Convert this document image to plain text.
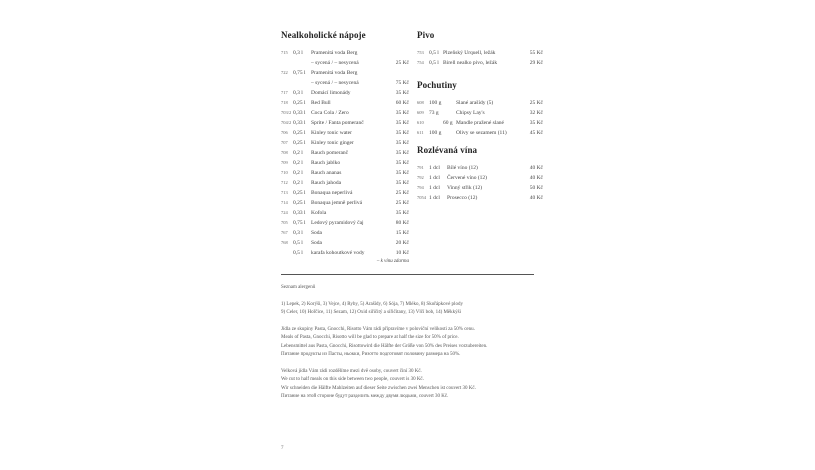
Nealkoholické nápoje
715 0,3 l	Pramenitá voda Berg
– sycená / – nesycená	25 Kč
722 0,75 l Pramenitá voda Berg
– sycená / – nesycená	75 Kč
717 0,3 l	Domácí limonády	35 Kč
718 0,25 l Red Bull	60 Kč
703/2 0,33 l Coca Cola / Zero	35 Kč
704/2 0,33 l Sprite / Fanta pomeranč	35 Kč
706 0,25 l Kinley tonic water	35 Kč
707 0,25 l Kinley tonic ginger	35 Kč
708 0,2 l	Rauch pomeranč	35 Kč
709 0,2 l	Rauch jablko	35 Kč
710 0,2 l	Rauch ananas	35 Kč
712 0,2 l	Rauch jahoda	35 Kč
713 0,25 l Bonaqua neperlivá	25 Kč
714 0,25 l Bonaqua jemně perlivá	25 Kč
724 0,33 l Kofola	35 Kč
705 0,75 l Ledový pyramidový čaj	80 Kč
767 0,3 l	Soda	15 Kč
768 0,5 l	Soda	20 Kč
0,5 l	karafa kohoutkové vody	10 Kč
– k vínu zdarma
Pivo
753 0,5 l Plzeňský Urquell, ležák	55 Kč
754 0,5 l Birell nealko pivo, ležák	29 Kč
Pochutiny
608 100 g	Slané arašídy (5)	25 Kč
609 73 g	Chipsy Lay's	32 Kč
610	60 g Mandle pražené slané	35 Kč
611 100 g	Olivy se sezamem (11)	45 Kč
Rozlévaná vína
791 1 dcl	Bílé víno (12)	40 Kč
792 1 dcl	Červené víno (12)	40 Kč
794 1 dcl	Vinný střik (12)	50 Kč
7054 1 dcl	Prosecco (12)	40 Kč

Seznam alergenů

1) Lepek, 2) Korýši, 3) Vejce, 4) Ryby, 5) Arašídy, 6) Sója, 7) Mléko, 8) Skořápkové plody

9) Celer, 10) Hořčice, 11) Sezam, 12) Oxid siřičitý a siřičitany, 13) Vlčí bob, 14) Měkkýši

Jídla ze skupiny Pasta, Gnocchi, Risotto Vám rádi připravíme v poloviční velikosti za 50% cenu.

Meals of Pasta, Gnocchi, Risotto will be glad to prepare at half the size for 50% of price.

Lebensmittel aus Pasta, Gnocchi, Risottowird die Hälfte der Größe von 50% des Preises vorzubereiten.

Питание продукты из Пасты, ньокки, Ризотто подготовят половину размера на 50%.

Velková jídla Vám rádi rozdělíme mezi dvě osoby, couvert činí 30 Kč.

We cut to half meals on this side between two people, couvert is 30 Kč.

Wir schneiden die Hälfte Mahlzeiten auf dieser Seite zwischen zwei Menschen ist couvert 30 Kč.

Питание на этой стороне будут разделить между двумя людьми, couvert 30 Kč.

7
